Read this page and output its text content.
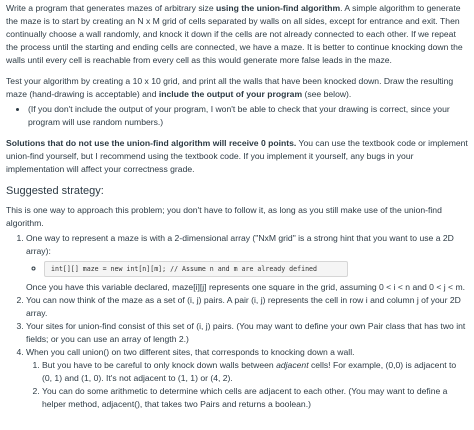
Write a program that generates mazes of arbitrary size using the union-find algorithm. A simple algorithm to generate the maze is to start by creating an N x M grid of cells separated by walls on all sides, except for entrance and exit. Then continually choose a wall randomly, and knock it down if the cells are not already connected to each other. If we repeat the process until the starting and ending cells are connected, we have a maze. It is better to continue knocking down the walls until every cell is reachable from every cell as this would generate more false leads in the maze.

Test your algorithm by creating a 10 x 10 grid, and print all the walls that have been knocked down. Draw the resulting maze (hand-drawing is acceptable) and include the output of your program (see below).

• (If you don't include the output of your program, I won't be able to check that your drawing is correct, since your program will use random numbers.)

Solutions that do not use the union-find algorithm will receive 0 points. You can use the textbook code or implement union-find yourself, but I recommend using the textbook code. If you implement it yourself, any bugs in your implementation will affect your correctness grade.

Suggested strategy:

This is one way to approach this problem; you don't have to follow it, as long as you still make use of the union-find algorithm.

1. One way to represent a maze is with a 2-dimensional array ("NxM grid" is a strong hint that you want to use a 2D array):
◦ int[][] maze = new int[n][m]; // Assume n and m are already defined
Once you have this variable declared, maze[i][j] represents one square in the grid, assuming 0 < i < n and 0 < j < m.
2. You can now think of the maze as a set of (i, j) pairs. A pair (i, j) represents the cell in row i and column j of your 2D array.
3. Your sites for union-find consist of this set of (i, j) pairs. (You may want to define your own Pair class that has two int fields; or you can use an array of length 2.)
4. When you call union() on two different sites, that corresponds to knocking down a wall.
1. But you have to be careful to only knock down walls between adjacent cells! For example, (0,0) is adjacent to (0, 1) and (1, 0). It's not adjacent to (1, 1) or (4, 2).
2. You can do some arithmetic to determine which cells are adjacent to each other. (You may want to define a helper method, adjacent(), that takes two Pairs and returns a boolean.)
